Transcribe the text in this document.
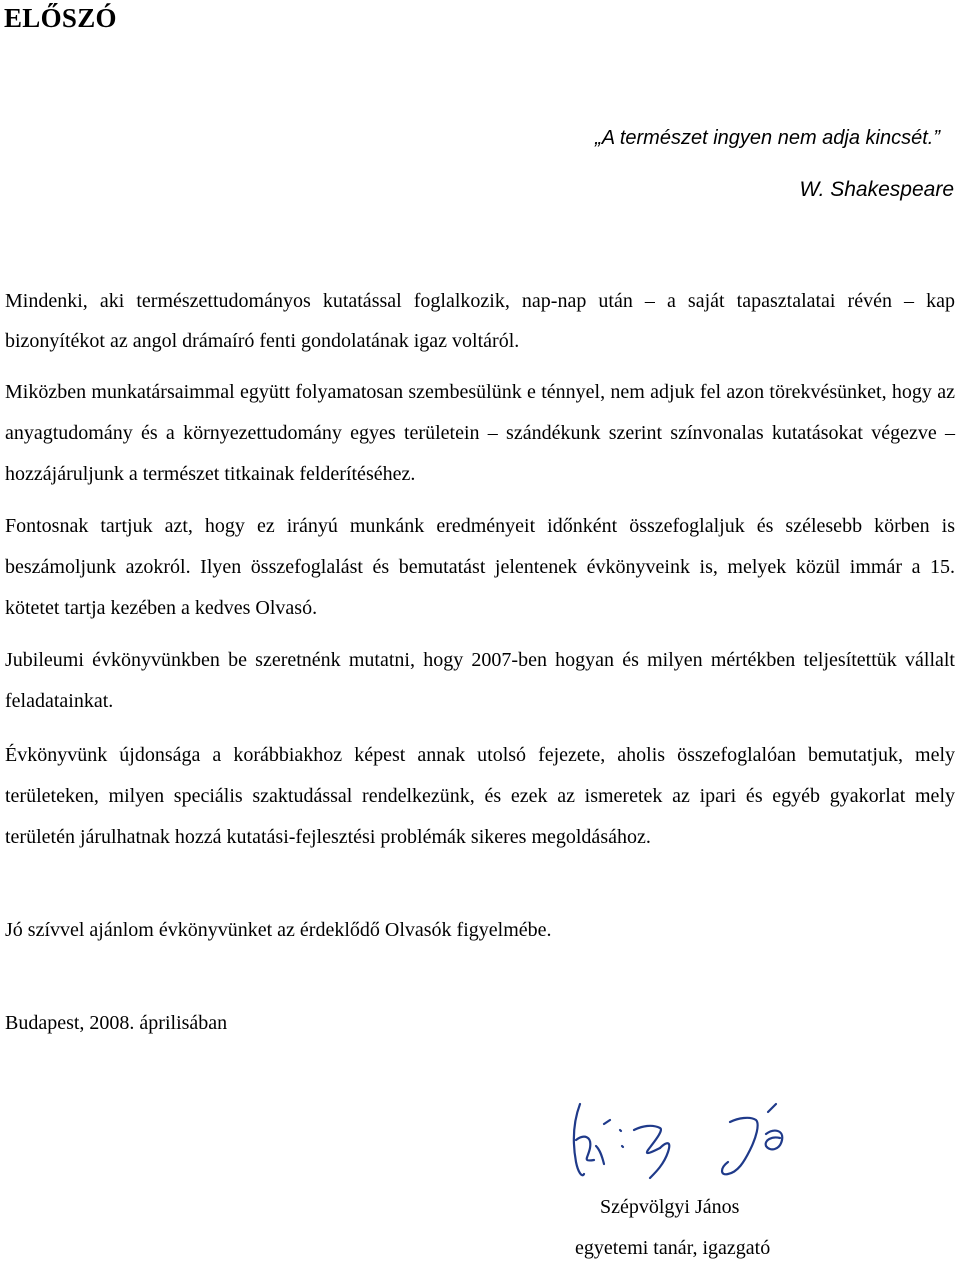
ELŐSZÓ
„A természet ingyen nem adja kincsét.”
W. Shakespeare

Mindenki, aki természettudományos kutatással foglalkozik, nap-nap után – a saját tapasztalatai révén – kap bizonyítékot az angol drámaíró fenti gondolatának igaz voltáról.

Miközben munkatársaimmal együtt folyamatosan szembesülünk e ténnyel, nem adjuk fel azon törekvésünket, hogy az anyagtudomány és a környezettudomány egyes területein – szándékunk szerint színvonalas kutatásokat végezve – hozzájáruljunk a természet titkainak felderítéséhez.

Fontosnak tartjuk azt, hogy ez irányú munkánk eredményeit időnként összefoglaljuk és szélesebb körben is beszámoljunk azokról. Ilyen összefoglalást és bemutatást jelentenek évkönyveink is, melyek közül immár a 15. kötetet tartja kezében a kedves Olvasó.

Jubileumi évkönyvünkben be szeretnénk mutatni, hogy 2007-ben hogyan és milyen mértékben teljesítettük vállalt feladatainkat.

Évkönyvünk újdonsága a korábbiakhoz képest annak utolsó fejezete, aholis összefoglalóan bemutatjuk, mely területeken, milyen speciális szaktudással rendelkezünk, és ezek az ismeretek az ipari és egyéb gyakorlat mely területén járulhatnak hozzá kutatási-fejlesztési problémák sikeres megoldásához.

Jó szívvel ajánlom évkönyvünket az érdeklődő Olvasók figyelmébe.

Budapest, 2008. áprilisában

Szépvölgyi János

egyetemi tanár, igazgató
